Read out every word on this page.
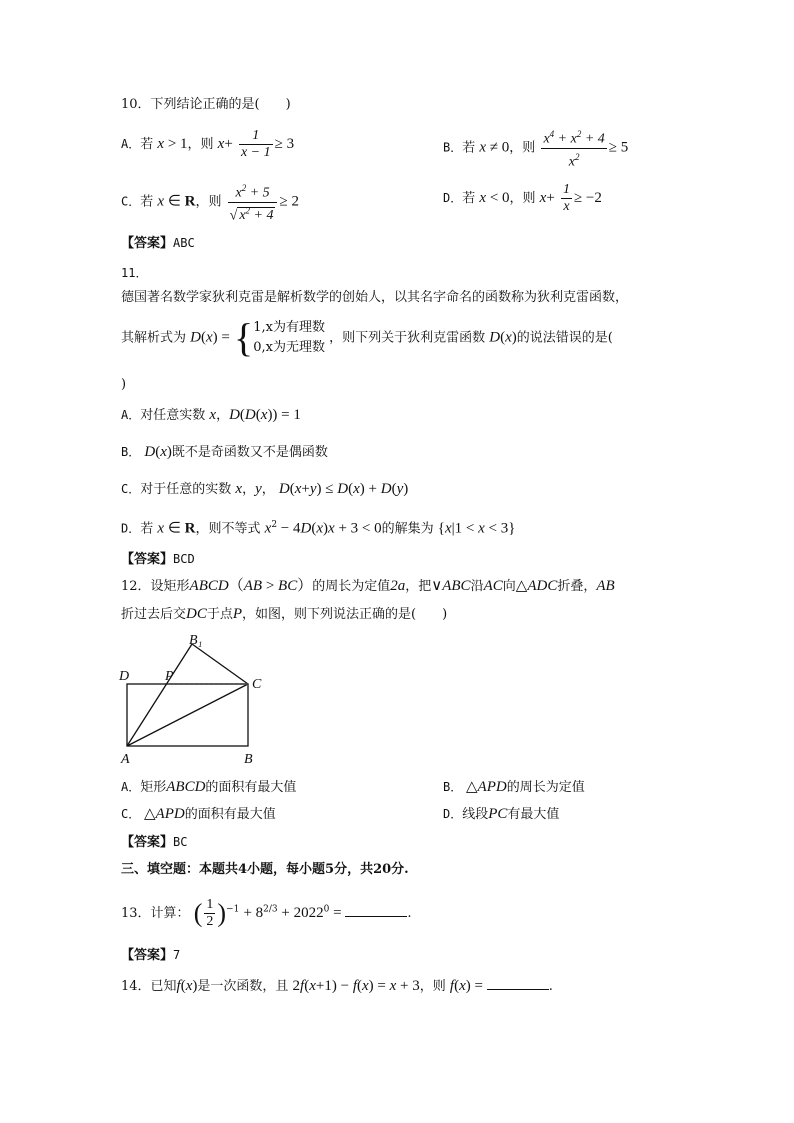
10．下列结论正确的是(　　)
A．若 x > 1，则 $x+ \frac{1}{x - 1} \ge 3$	B．若 x ≠ 0，则 $\frac{x^4 + x^2 + 4}{x^2} \ge 5$
C．若 x ∈ R，则 $\frac{x^2 + 5}{√ x^2 + 4} \ge 2$	D．若 x < 0，则 $x+ \frac{1}{x} \ge -2$
【答案】ABC
11．
德国著名数学家狄利克雷是解析数学的创始人，以其名字命名的函数称为狄利克雷函数，
其解析式为 D(x) = { 1,x为有理数
0,x为无理数
，则下列关于狄利克雷函数 D(x)的说法错误的是(
)
A．对任意实数 x，D(D(x)) = 1
B． D(x)既不是奇函数又不是偶函数
C．对于任意的实数 x，y， D(x+y) ≤ D(x) + D(y)
D．若 x ∈ R，则不等式 $x^2 - 4D(x)x + 3 < 0$的解集为 {x|1 < x < 3}
【答案】BCD
12．设矩形ABCD（AB > BC）的周长为定值2a，把∨ABC沿AC向△ADC折叠，AB
折过去后交DC于点P，如图，则下列说法正确的是(　　)
B₁
P
D
C
A	B
A．矩形ABCD的面积有最大值	B． △APD的周长为定值
C． △APD的面积有最大值	D．线段PC有最大值
【答案】BC
三、填空题：本题共4小题，每小题5分，共20分.
13．计算： ( $\frac{1}{2} )^{-1} + 8^{2/3} + 2022^0$ =	.
【答案】7
14．已知f(x)是一次函数，且 2f(x+1) − f(x) = x + 3，则 f(x) =	.
